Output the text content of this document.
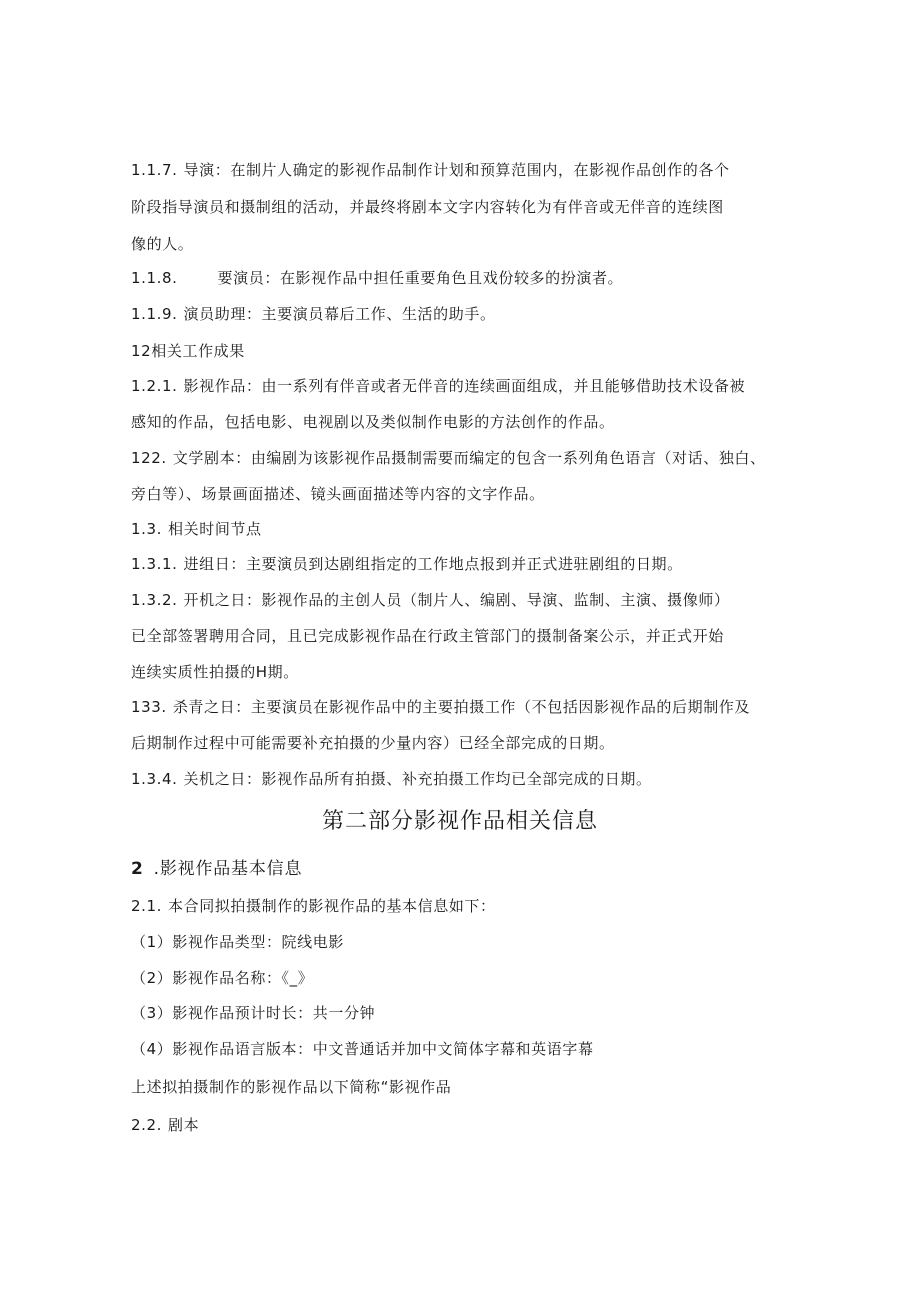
1.1.7. 导演：在制片人确定的影视作品制作计划和预算范围内，在影视作品创作的各个
阶段指导演员和摄制组的活动，并最终将剧本文字内容转化为有伴音或无伴音的连续图
像的人。
1.1.8.	要演员：在影视作品中担任重要角色且戏份较多的扮演者。
1.1.9. 演员助理：主要演员幕后工作、生活的助手。
12相关工作成果
1.2.1. 影视作品：由一系列有伴音或者无伴音的连续画面组成，并且能够借助技术设备被
感知的作品，包括电影、电视剧以及类似制作电影的方法创作的作品。
122. 文学剧本：由编剧为该影视作品摄制需要而编定的包含一系列角色语言（对话、独白、
旁白等）、场景画面描述、镜头画面描述等内容的文字作品。
1.3. 相关时间节点
1.3.1. 进组日：主要演员到达剧组指定的工作地点报到并正式进驻剧组的日期。
1.3.2. 开机之日：影视作品的主创人员（制片人、编剧、导演、监制、主演、摄像师）
已全部签署聘用合同，且已完成影视作品在行政主管部门的摄制备案公示，并正式开始
连续实质性拍摄的H期。
133. 杀青之日：主要演员在影视作品中的主要拍摄工作（不包括因影视作品的后期制作及
后期制作过程中可能需要补充拍摄的少量内容）已经全部完成的日期。
1.3.4. 关机之日：影视作品所有拍摄、补充拍摄工作均已全部完成的日期。
第二部分影视作品相关信息
2 .影视作品基本信息
2.1. 本合同拟拍摄制作的影视作品的基本信息如下：
（1）影视作品类型：院线电影
（2）影视作品名称：《_》
（3）影视作品预计时长：共一分钟
（4）影视作品语言版本：中文普通话并加中文简体字幕和英语字幕
上述拟拍摄制作的影视作品以下简称“影视作品
2.2. 剧本
